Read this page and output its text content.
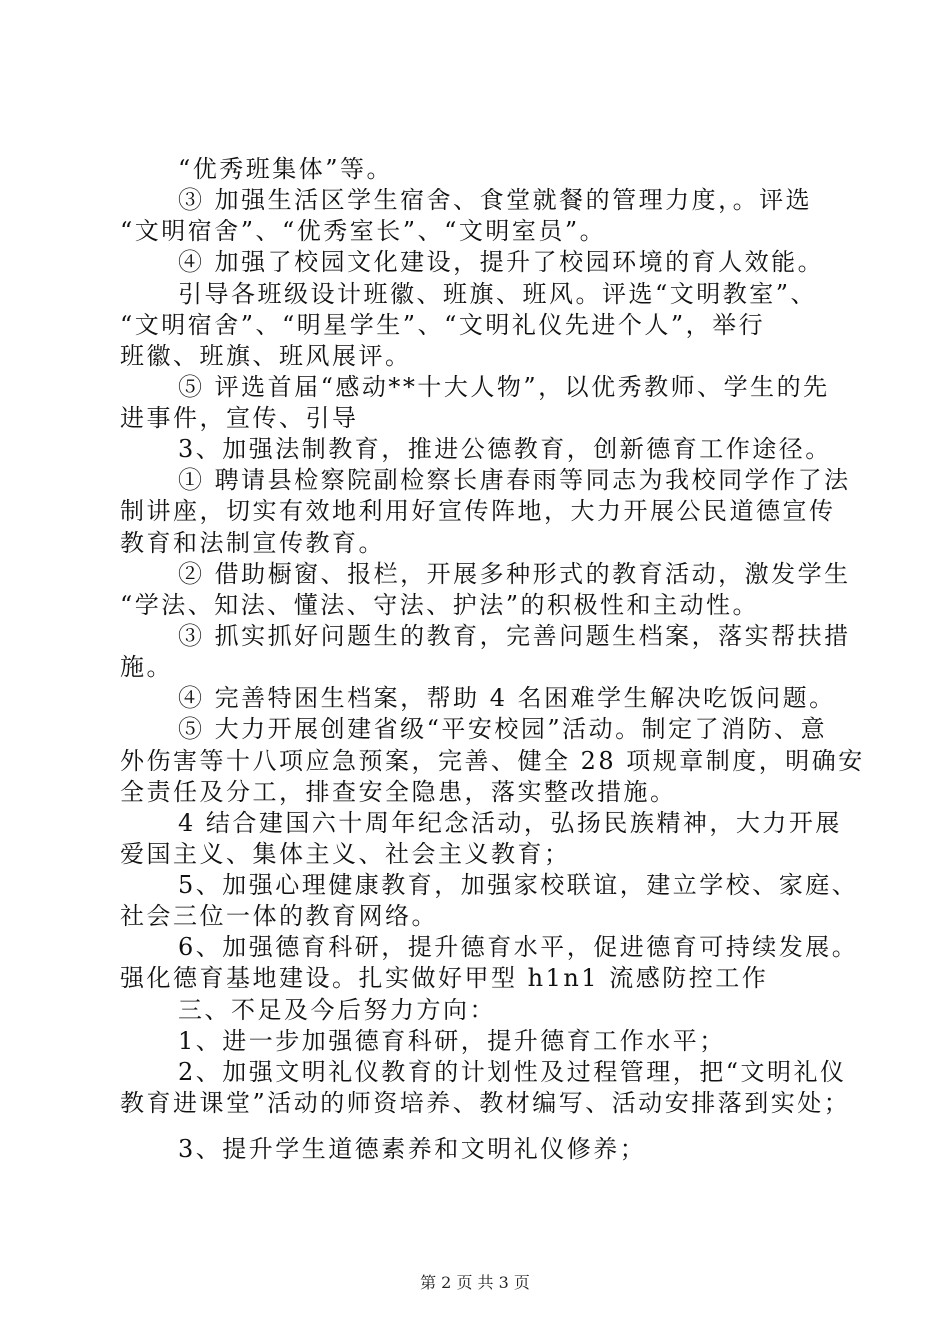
“优秀班集体”等。
③ 加强生活区学生宿舍、食堂就餐的管理力度，。评选
“文明宿舍”、“优秀室长”、“文明室员”。
④ 加强了校园文化建设，提升了校园环境的育人效能。
引导各班级设计班徽、班旗、班风。评选“文明教室”、
“文明宿舍”、“明星学生”、“文明礼仪先进个人”，举行
班徽、班旗、班风展评。
⑤ 评选首届“感动**十大人物”，以优秀教师、学生的先
进事件，宣传、引导
3、加强法制教育，推进公德教育，创新德育工作途径。
① 聘请县检察院副检察长唐春雨等同志为我校同学作了法
制讲座，切实有效地利用好宣传阵地，大力开展公民道德宣传
教育和法制宣传教育。
② 借助橱窗、报栏，开展多种形式的教育活动，激发学生
“学法、知法、懂法、守法、护法”的积极性和主动性。
③ 抓实抓好问题生的教育，完善问题生档案，落实帮扶措
施。
④ 完善特困生档案，帮助 4 名困难学生解决吃饭问题。
⑤ 大力开展创建省级“平安校园”活动。制定了消防、意
外伤害等十八项应急预案，完善、健全 28 项规章制度，明确安
全责任及分工，排查安全隐患，落实整改措施。
4 结合建国六十周年纪念活动，弘扬民族精神，大力开展
爱国主义、集体主义、社会主义教育；
5、加强心理健康教育，加强家校联谊，建立学校、家庭、
社会三位一体的教育网络。
6、加强德育科研，提升德育水平，促进德育可持续发展。
强化德育基地建设。扎实做好甲型 h1n1 流感防控工作
三、不足及今后努力方向：
1、进一步加强德育科研，提升德育工作水平；
2、加强文明礼仪教育的计划性及过程管理，把“文明礼仪
教育进课堂”活动的师资培养、教材编写、活动安排落到实处；
3、提升学生道德素养和文明礼仪修养；
第 2 页 共 3 页
